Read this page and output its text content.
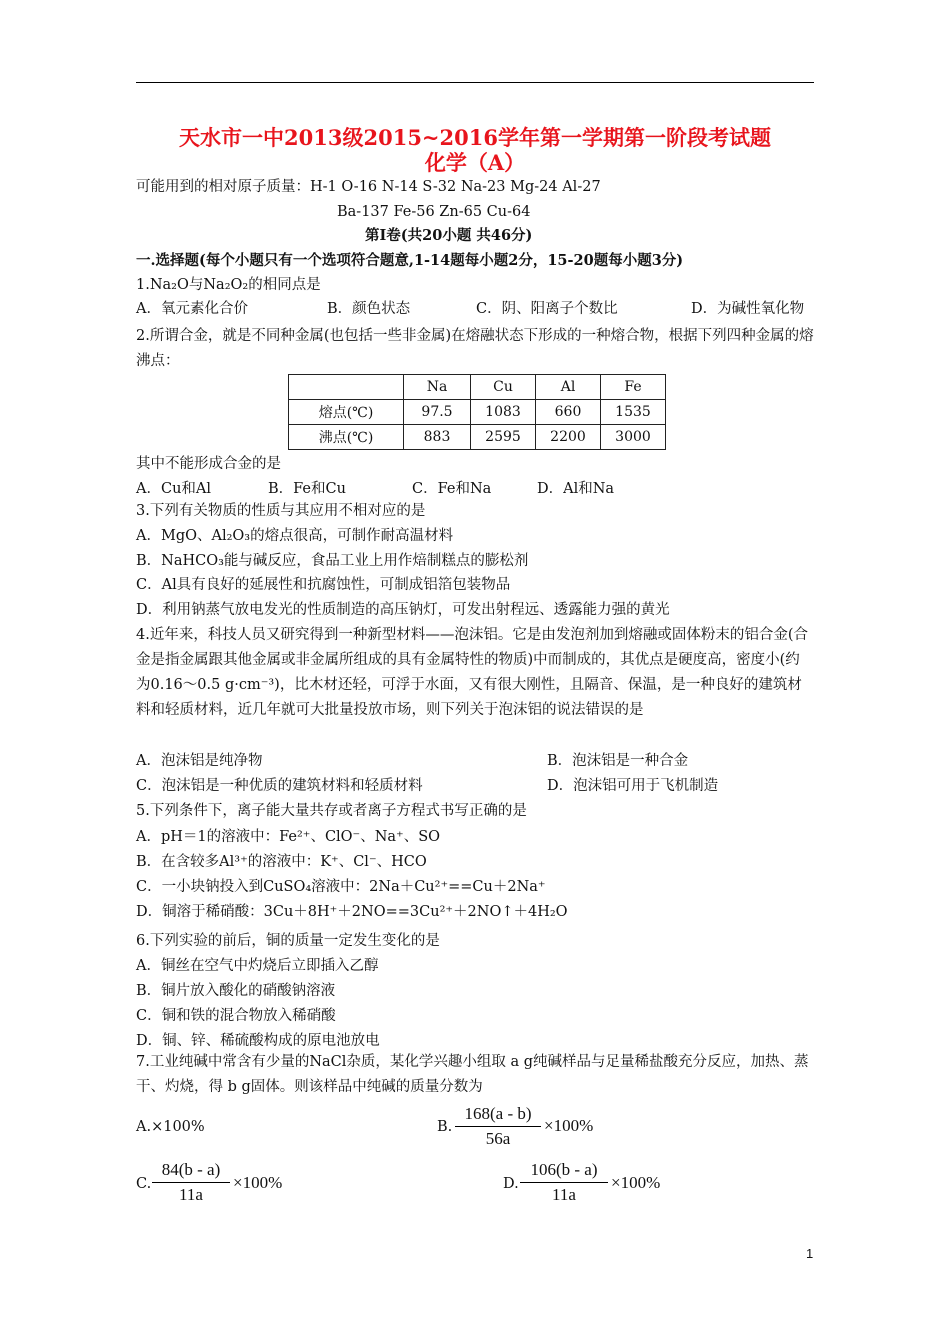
天水市一中2013级2015~2016学年第一学期第一阶段考试题
化学（A）
可能用到的相对原子质量：H-1 O-16 N-14 S-32 Na-23 Mg-24 Al-27
Ba-137 Fe-56 Zn-65 Cu-64
第Ⅰ卷(共20小题 共46分)
一.选择题(每个小题只有一个选项符合题意,1-14题每小题2分，15-20题每小题3分)
1.Na₂O与Na₂O₂的相同点是
A．氧元素化合价	B．颜色状态	C．阴、阳离子个数比	D．为碱性氧化物
2.所谓合金，就是不同种金属(也包括一些非金属)在熔融状态下形成的一种熔合物，根据下列四种金属的熔沸点：
	Na	Cu	Al	Fe
熔点(℃)	97.5	1083	660	1535
沸点(℃)	883	2595	2200	3000
其中不能形成合金的是
A．Cu和Al	B．Fe和Cu	C．Fe和Na	D．Al和Na
3.下列有关物质的性质与其应用不相对应的是
A．MgO、Al₂O₃的熔点很高，可制作耐高温材料
B．NaHCO₃能与碱反应，食品工业上用作焙制糕点的膨松剂
C．Al具有良好的延展性和抗腐蚀性，可制成铝箔包装物品
D．利用钠蒸气放电发光的性质制造的高压钠灯，可发出射程远、透露能力强的黄光
4.近年来，科技人员又研究得到一种新型材料——泡沫铝。它是由发泡剂加到熔融或固体粉末的铝合金(合金是指金属跟其他金属或非金属所组成的具有金属特性的物质)中而制成的，其优点是硬度高，密度小(约为0.16～0.5 g·cm⁻³)，比木材还轻，可浮于水面，又有很大刚性，且隔音、保温，是一种良好的建筑材料和轻质材料，近几年就可大批量投放市场，则下列关于泡沫铝的说法错误的是
A．泡沫铝是纯净物	B．泡沫铝是一种合金
C．泡沫铝是一种优质的建筑材料和轻质材料	D．泡沫铝可用于飞机制造
5.下列条件下，离子能大量共存或者离子方程式书写正确的是
A．pH＝1的溶液中：Fe²⁺、ClO⁻、Na⁺、SO
B．在含较多Al³⁺的溶液中：K⁺、Cl⁻、HCO
C．一小块钠投入到CuSO₄溶液中：2Na＋Cu²⁺==Cu＋2Na⁺
D．铜溶于稀硝酸：3Cu＋8H⁺＋2NO==3Cu²⁺＋2NO↑＋4H₂O
6.下列实验的前后，铜的质量一定发生变化的是
A．铜丝在空气中灼烧后立即插入乙醇
B．铜片放入酸化的硝酸钠溶液
C．铜和铁的混合物放入稀硝酸
D．铜、锌、稀硫酸构成的原电池放电
7.工业纯碱中常含有少量的NaCl杂质，某化学兴趣小组取 a g纯碱样品与足量稀盐酸充分反应，加热、蒸干、灼烧，得 b g固体。则该样品中纯碱的质量分数为
A.×100%	B.
168(a - b)
56a
×100%
C.
84(b - a)
11a
×100%	D.
106(b - a)
11a
×100%
1
